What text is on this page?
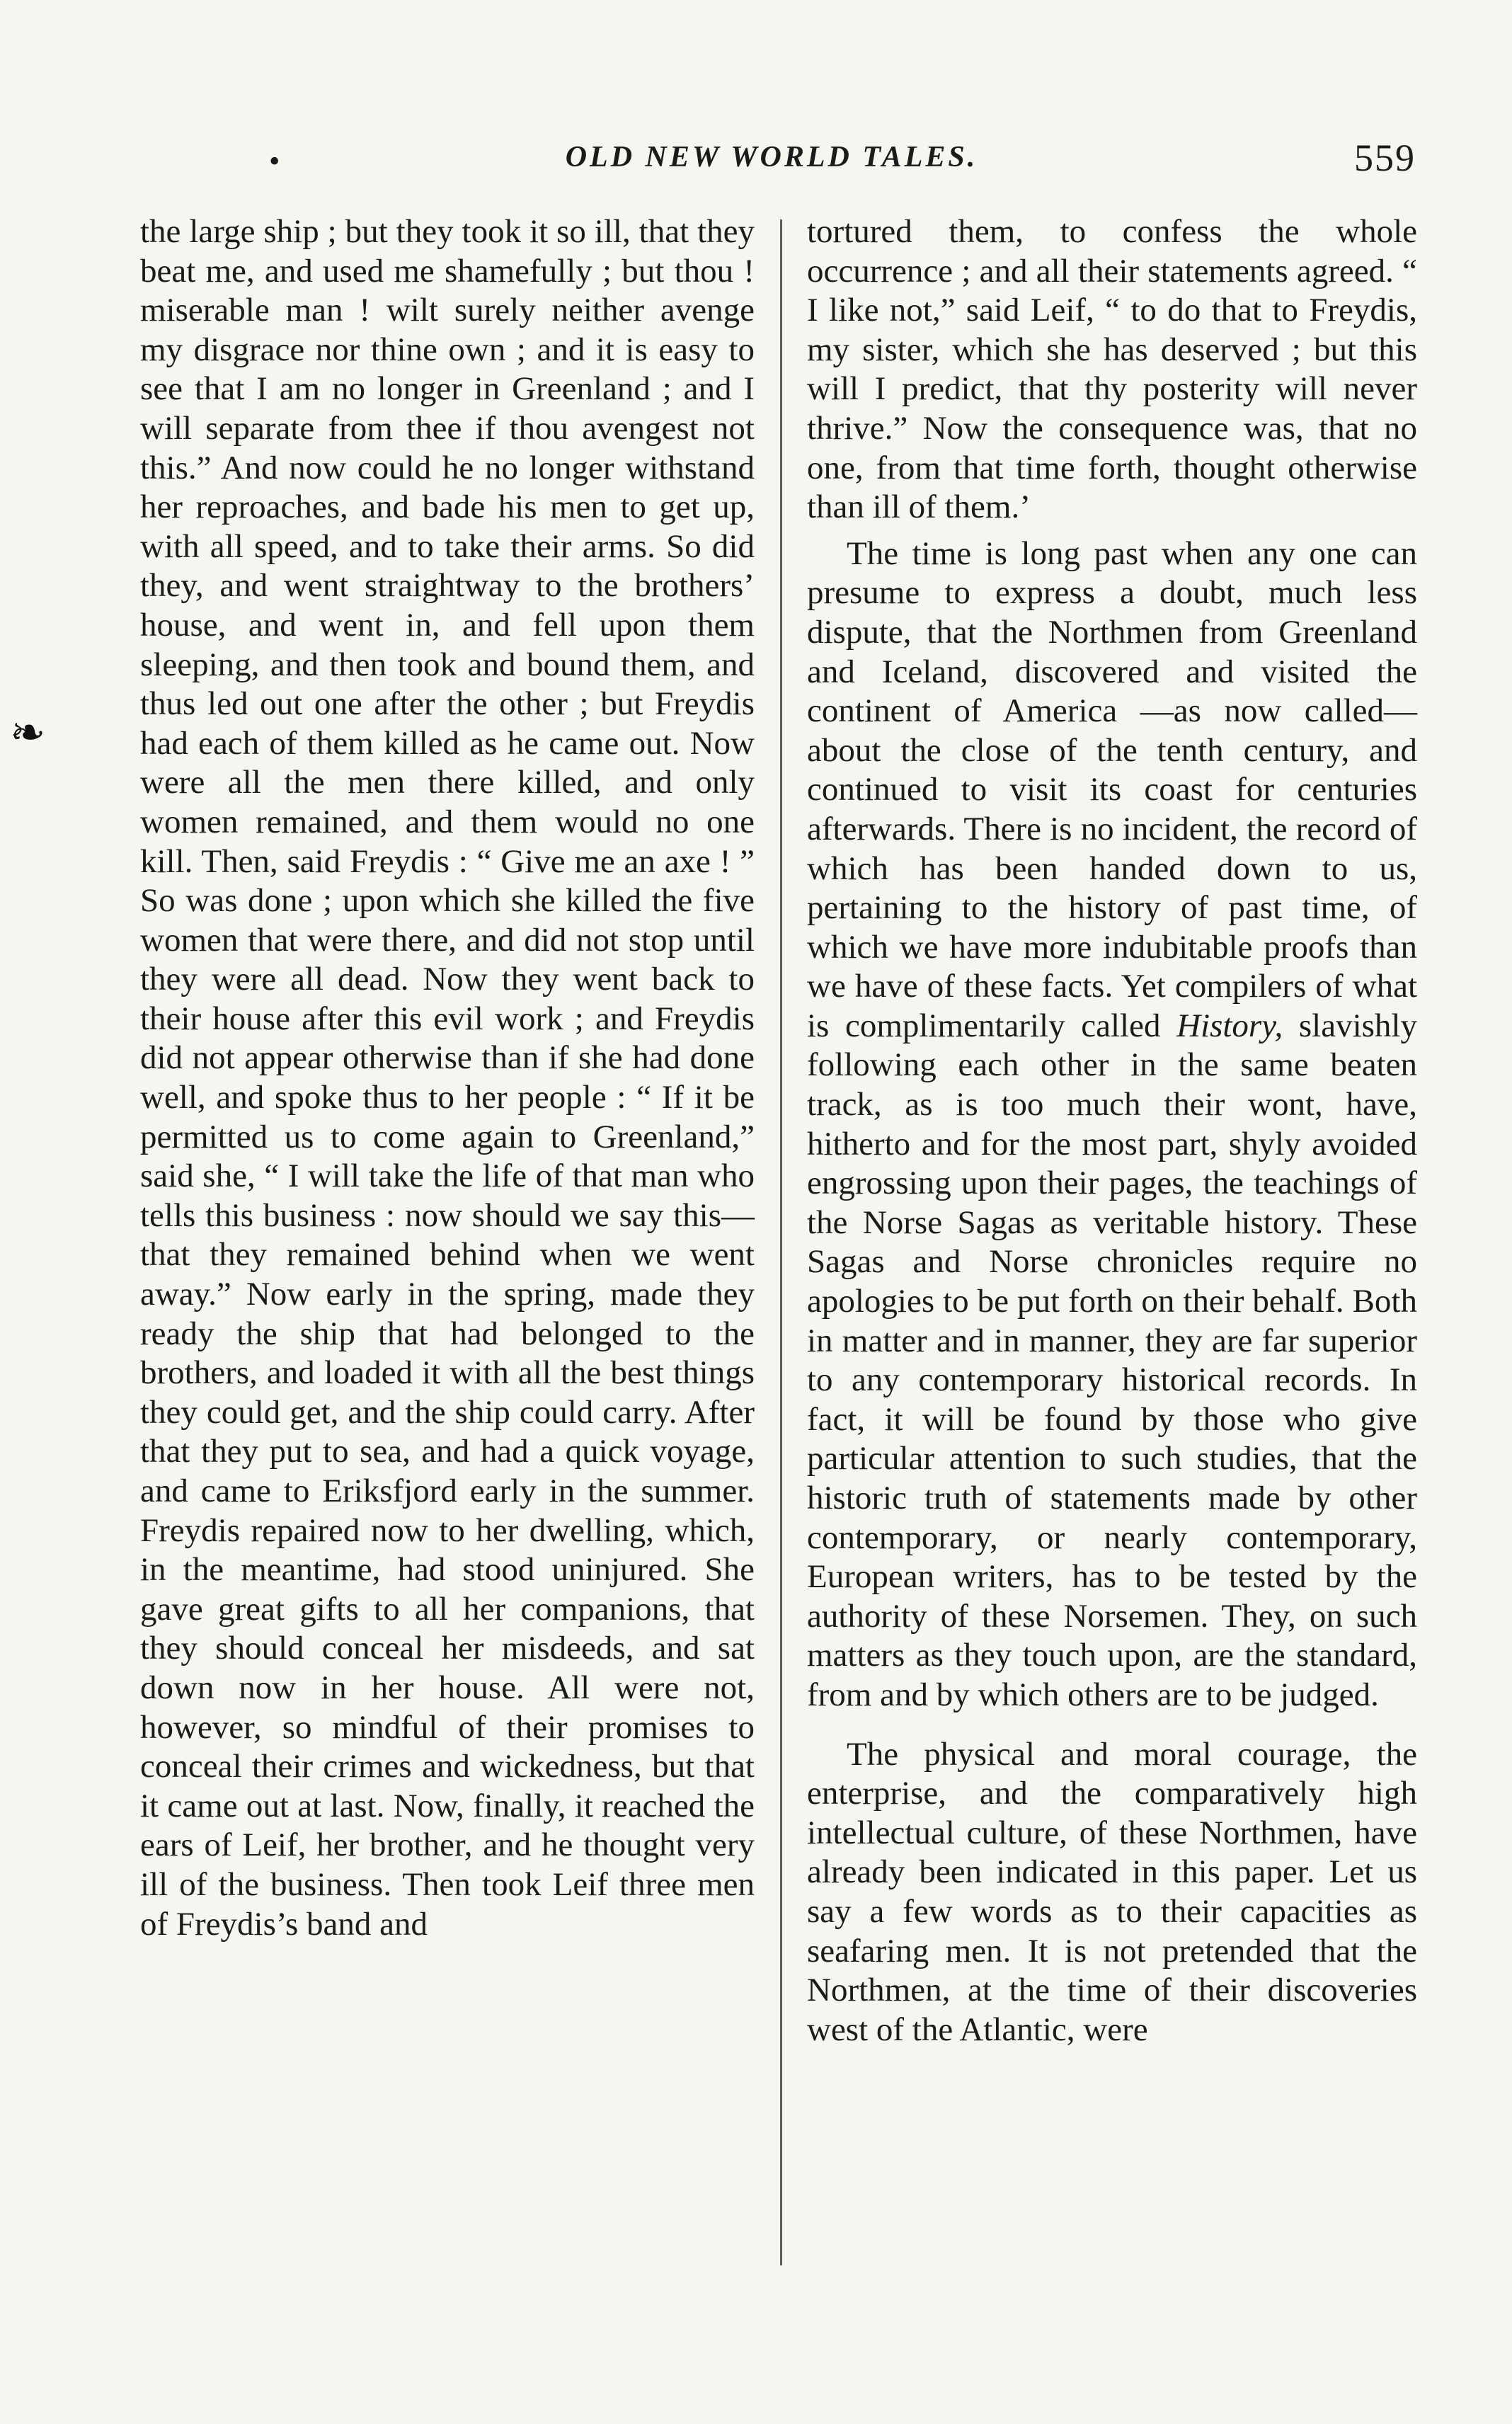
•	OLD NEW WORLD TALES.	559
❧

the large ship ; but they took it so ill, that they beat me, and used me shamefully ; but thou ! miserable man ! wilt surely neither avenge my disgrace nor thine own ; and it is easy to see that I am no longer in Greenland ; and I will separate from thee if thou avengest not this.” And now could he no longer withstand her reproaches, and bade his men to get up, with all speed, and to take their arms. So did they, and went straightway to the brothers’ house, and went in, and fell upon them sleeping, and then took and bound them, and thus led out one after the other ; but Freydis had each of them killed as he came out. Now were all the men there killed, and only women remained, and them would no one kill. Then, said Freydis : “ Give me an axe ! ” So was done ; upon which she killed the five women that were there, and did not stop until they were all dead. Now they went back to their house after this evil work ; and Freydis did not appear otherwise than if she had done well, and spoke thus to her people : “ If it be permitted us to come again to Greenland,” said she, “ I will take the life of that man who tells this business : now should we say this— that they remained behind when we went away.” Now early in the spring, made they ready the ship that had belonged to the brothers, and loaded it with all the best things they could get, and the ship could carry. After that they put to sea, and had a quick voyage, and came to Eriksfjord early in the summer. Freydis repaired now to her dwelling, which, in the meantime, had stood uninjured. She gave great gifts to all her companions, that they should conceal her misdeeds, and sat down now in her house. All were not, however, so mindful of their promises to conceal their crimes and wickedness, but that it came out at last. Now, finally, it reached the ears of Leif, her brother, and he thought very ill of the business. Then took Leif three men of Freydis’s band and

tortured them, to confess the whole occurrence ; and all their statements agreed. “ I like not,” said Leif, “ to do that to Freydis, my sister, which she has deserved ; but this will I predict, that thy posterity will never thrive.” Now the consequence was, that no one, from that time forth, thought otherwise than ill of them.’

The time is long past when any one can presume to express a doubt, much less dispute, that the Northmen from Greenland and Iceland, discovered and visited the continent of America —as now called—about the close of the tenth century, and continued to visit its coast for centuries afterwards. There is no incident, the record of which has been handed down to us, pertaining to the history of past time, of which we have more indubitable proofs than we have of these facts. Yet compilers of what is complimentarily called History, slavishly following each other in the same beaten track, as is too much their wont, have, hitherto and for the most part, shyly avoided engrossing upon their pages, the teachings of the Norse Sagas as veritable history. These Sagas and Norse chronicles require no apologies to be put forth on their behalf. Both in matter and in manner, they are far superior to any contemporary historical records. In fact, it will be found by those who give particular attention to such studies, that the historic truth of statements made by other contemporary, or nearly contemporary, European writers, has to be tested by the authority of these Norsemen. They, on such matters as they touch upon, are the standard, from and by which others are to be judged.

The physical and moral courage, the enterprise, and the comparatively high intellectual culture, of these Northmen, have already been indicated in this paper. Let us say a few words as to their capacities as seafaring men. It is not pretended that the Northmen, at the time of their discoveries west of the Atlantic, were
